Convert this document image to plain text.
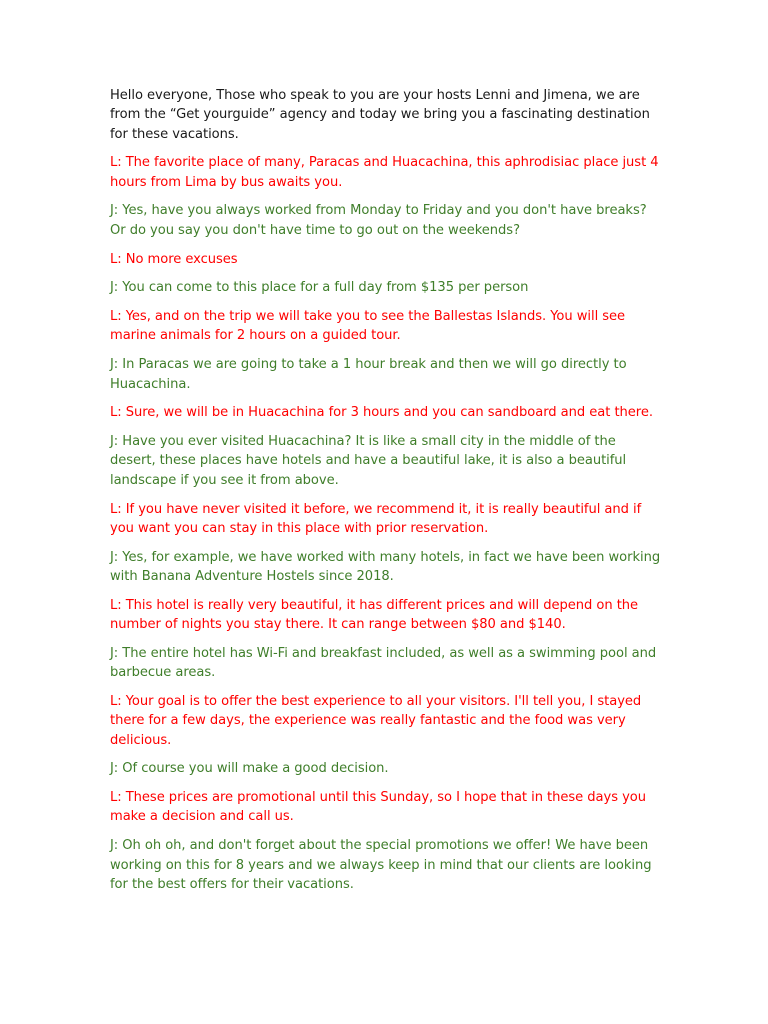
Hello everyone, Those who speak to you are your hosts Lenni and Jimena, we are from the “Get yourguide” agency and today we bring you a fascinating destination for these vacations.

L: The favorite place of many, Paracas and Huacachina, this aphrodisiac place just 4 hours from Lima by bus awaits you.

J: Yes, have you always worked from Monday to Friday and you don't have breaks? Or do you say you don't have time to go out on the weekends?

L: No more excuses

J: You can come to this place for a full day from $135 per person

L: Yes, and on the trip we will take you to see the Ballestas Islands. You will see marine animals for 2 hours on a guided tour.

J: In Paracas we are going to take a 1 hour break and then we will go directly to Huacachina.

L: Sure, we will be in Huacachina for 3 hours and you can sandboard and eat there.

J: Have you ever visited Huacachina? It is like a small city in the middle of the desert, these places have hotels and have a beautiful lake, it is also a beautiful landscape if you see it from above.

L: If you have never visited it before, we recommend it, it is really beautiful and if you want you can stay in this place with prior reservation.

J: Yes, for example, we have worked with many hotels, in fact we have been working with Banana Adventure Hostels since 2018.

L: This hotel is really very beautiful, it has different prices and will depend on the number of nights you stay there. It can range between $80 and $140.

J: The entire hotel has Wi-Fi and breakfast included, as well as a swimming pool and barbecue areas.

L: Your goal is to offer the best experience to all your visitors. I'll tell you, I stayed there for a few days, the experience was really fantastic and the food was very delicious.

J: Of course you will make a good decision.

L: These prices are promotional until this Sunday, so I hope that in these days you make a decision and call us.

J: Oh oh oh, and don't forget about the special promotions we offer! We have been working on this for 8 years and we always keep in mind that our clients are looking for the best offers for their vacations.
